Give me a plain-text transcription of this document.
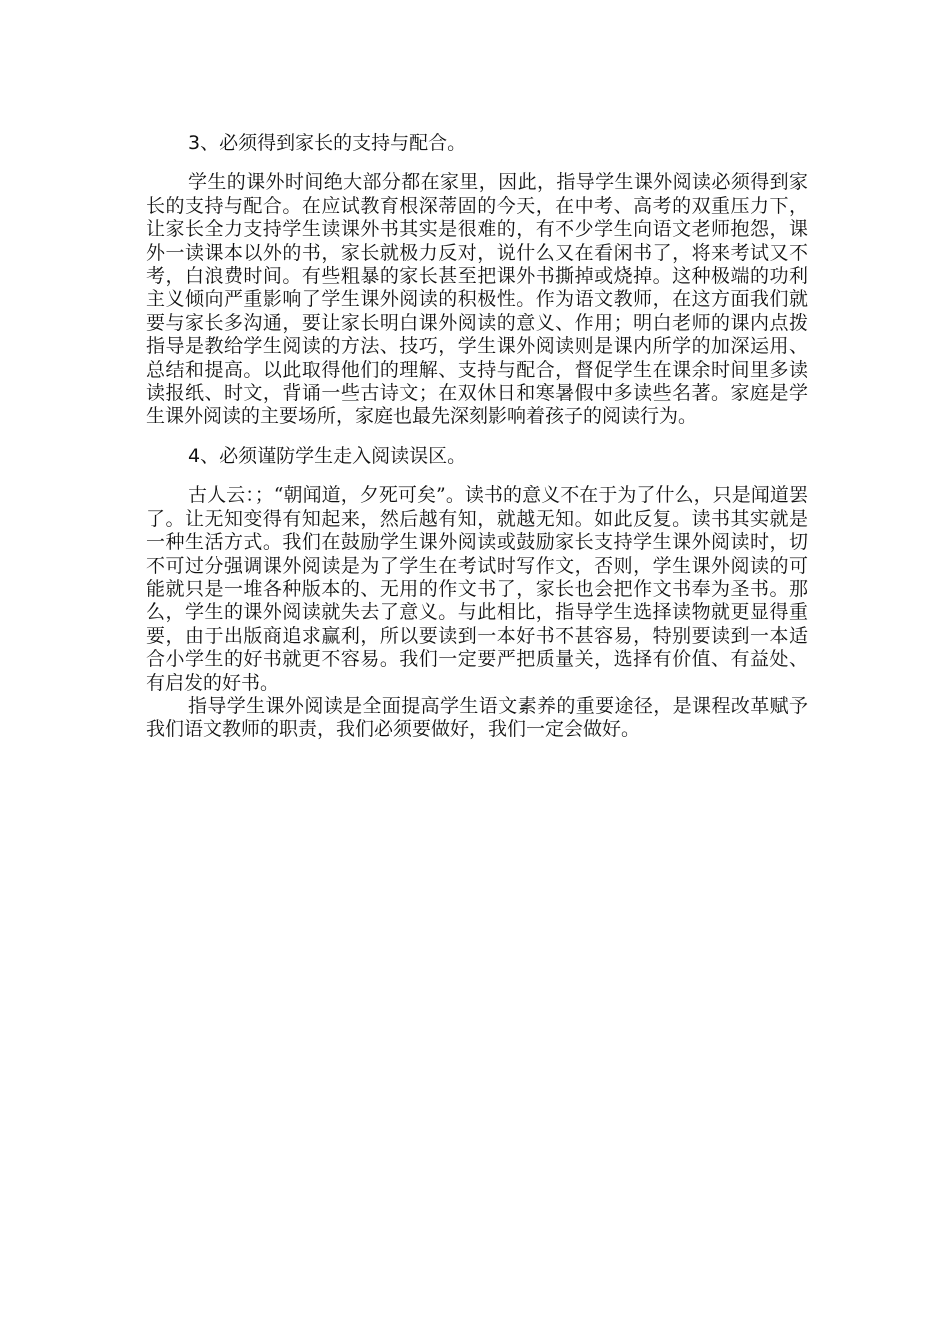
3、必须得到家长的支持与配合。

学生的课外时间绝大部分都在家里，因此，指导学生课外阅读必须得到家长的支持与配合。在应试教育根深蒂固的今天，在中考、高考的双重压力下，让家长全力支持学生读课外书其实是很难的，有不少学生向语文老师抱怨，课外一读课本以外的书，家长就极力反对，说什么又在看闲书了，将来考试又不考，白浪费时间。有些粗暴的家长甚至把课外书撕掉或烧掉。这种极端的功利主义倾向严重影响了学生课外阅读的积极性。作为语文教师，在这方面我们就要与家长多沟通，要让家长明白课外阅读的意义、作用；明白老师的课内点拨指导是教给学生阅读的方法、技巧，学生课外阅读则是课内所学的加深运用、总结和提高。以此取得他们的理解、支持与配合，督促学生在课余时间里多读读报纸、时文，背诵一些古诗文；在双休日和寒暑假中多读些名著。家庭是学生课外阅读的主要场所，家庭也最先深刻影响着孩子的阅读行为。

4、必须谨防学生走入阅读误区。

古人云：；“朝闻道，夕死可矣”。读书的意义不在于为了什么，只是闻道罢了。让无知变得有知起来，然后越有知，就越无知。如此反复。读书其实就是一种生活方式。我们在鼓励学生课外阅读或鼓励家长支持学生课外阅读时，切不可过分强调课外阅读是为了学生在考试时写作文，否则，学生课外阅读的可能就只是一堆各种版本的、无用的作文书了，家长也会把作文书奉为圣书。那么，学生的课外阅读就失去了意义。与此相比，指导学生选择读物就更显得重要，由于出版商追求赢利，所以要读到一本好书不甚容易，特别要读到一本适合小学生的好书就更不容易。我们一定要严把质量关，选择有价值、有益处、有启发的好书。

指导学生课外阅读是全面提高学生语文素养的重要途径，是课程改革赋予我们语文教师的职责，我们必须要做好，我们一定会做好。
